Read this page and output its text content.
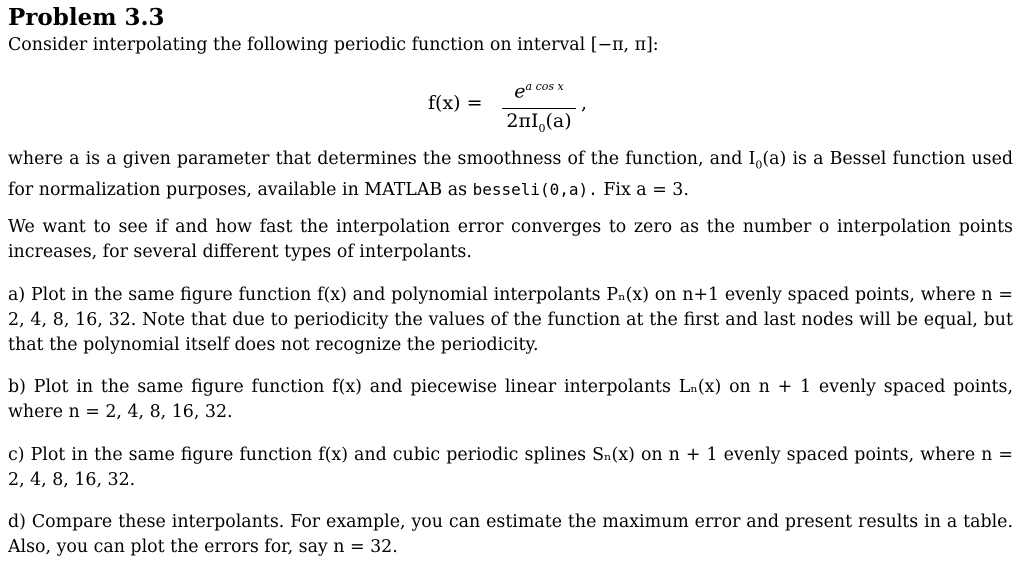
Problem 3.3
Consider interpolating the following periodic function on interval [−π, π]:
f(x) =
$e^{a cos x}$
$2\pi I_0(a)$
,
where a is a given parameter that determines the smoothness of the function, and $I_0(a)$ is a Bessel function used for normalization purposes, available in MATLAB as besseli(0,a). Fix a = 3.
We want to see if and how fast the interpolation error converges to zero as the number o interpolation points increases, for several different types of interpolants.
a) Plot in the same figure function f(x) and polynomial interpolants Pₙ(x) on n+1 evenly spaced points, where n = 2, 4, 8, 16, 32. Note that due to periodicity the values of the function at the first and last nodes will be equal, but that the polynomial itself does not recognize the periodicity.
b) Plot in the same figure function f(x) and piecewise linear interpolants Lₙ(x) on n + 1 evenly spaced points, where n = 2, 4, 8, 16, 32.
c) Plot in the same figure function f(x) and cubic periodic splines Sₙ(x) on n + 1 evenly spaced points, where n = 2, 4, 8, 16, 32.
d) Compare these interpolants. For example, you can estimate the maximum error and present results in a table. Also, you can plot the errors for, say n = 32.
